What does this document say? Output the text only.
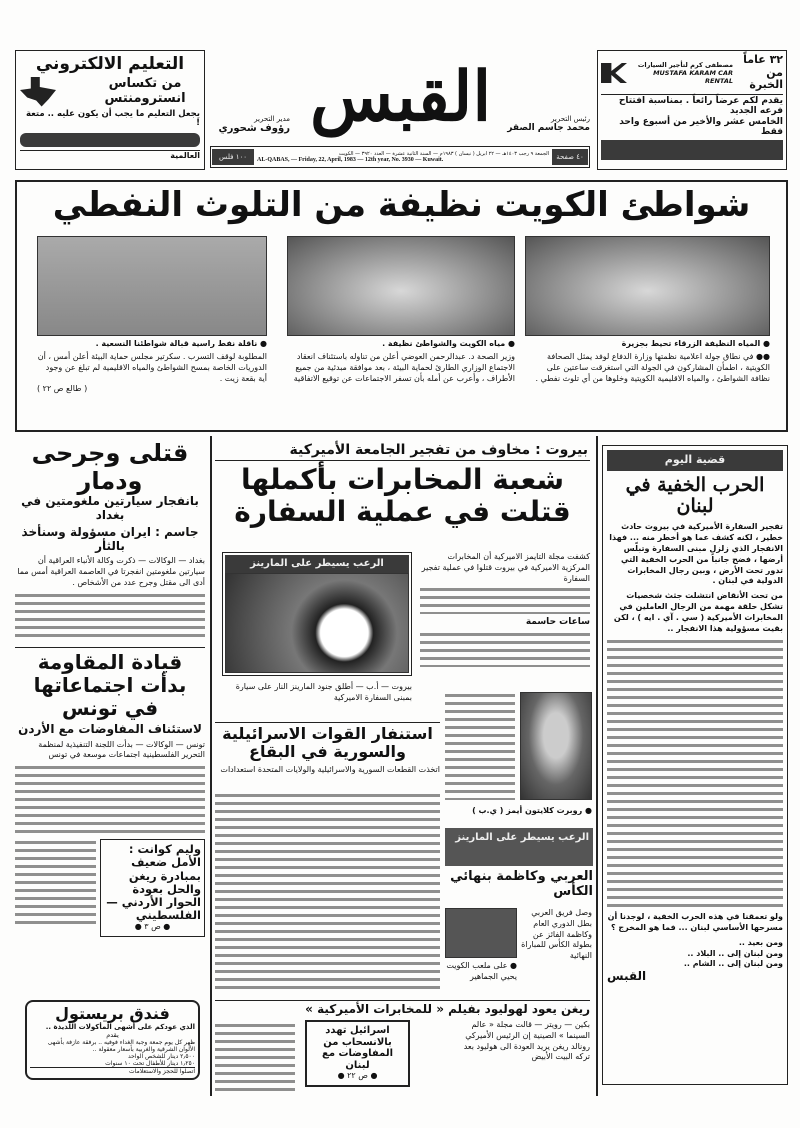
التعليم الالكتروني
من تكساس انسترومنتس
يجعل التعليم ما يجب أن يكون عليه .. متعة !
العالمية
القبس	رئيس التحرير
محمد جاسم الصقر
مدير التحرير
رؤوف شحوري
١٠٠ فلس	الجمعة ٩ رجب ١٤٠٣هـ — ٢٢ أبريل ( نيسان ) ١٩٨٣م — السنة الثانية عشرة — العدد ٣٩٢٠ — الكويت
AL-QABAS, — Friday, 22, April, 1983 — 12th year, No. 3930 — Kuwait.	٤٠ صفحة
٣٢ عاماً من الخبرة
مصطفى كرم لتأجير السيارات
MUSTAFA KARAM CAR RENTAL
يقدم لكم عرضاً رائعاً . بمناسبة افتتاح فرعه الجديد
الخامس عشر والأخير من أسبوع واحد فقط
شواطئ الكويت نظيفة من التلوث النفطي
● المياه النظيفة الزرقاء تحيط بجزيرة
● مياه الكويت والشواطئ نظيفة .
● ناقلة نفط راسية قبالة شواطئنا النسعية .
●● في نطاق جولة اعلامية نظمتها وزارة الدفاع لوفد يمثل الصحافة الكويتية ، اطمأن المشاركون في الجولة التي استغرقت ساعتين على نظافة الشواطئ ، والمياه الاقليمية الكويتية وخلوها من أي تلوث نفطي .
وزير الصحة د. عبدالرحمن العوضي أعلن من تناوله باستئناف انعقاد الاجتماع الوزاري الطارئ لحماية البيئة ، بعد موافقة مبدئية من جميع الأطراف ، وأعرب عن أمله بأن تسفر الاجتماعات عن توقيع الاتفاقية
المطلوبة لوقف التسرب . سكرتير مجلس حماية البيئة أعلن أمس ، أن الدوريات الخاصة بمسح الشواطئ والمياه الاقليمية لم تبلغ عن وجود أية بقعة زيت .
( طالع ص ٢٢ )
قتلى وجرحى ودمار
بانفجار سيارتين ملغومتين في بغداد
جاسم : ايران مسؤولة وسنأخذ بالثأر
بغداد — الوكالات — ذكرت وكالة الأنباء العراقية أن سيارتين ملغومتين انفجرتا في العاصمة العراقية أمس مما أدى الى مقتل وجرح عدد من الأشخاص .
قيادة المقاومة بدأت اجتماعاتها في تونس
لاستئناف المفاوضات مع الأردن
تونس — الوكالات — بدأت اللجنة التنفيذية لمنظمة التحرير الفلسطينية اجتماعات موسعة في تونس
وليم كوانت : الأمل ضعيف بمبادرة ريغن والحل بعودة الحوار الأردني — الفلسطيني
● ص ٣ ●
فندق بريستول
الذي عودكم على أشهى المأكولات اللذيذة ..
يقدم
ظهر كل يوم جمعة وجبة الغداء فوفيه .. برفقة عازفة بأشهى الألوان الشرقية والغربية بأسعار معقولة ..
٢٫٥٠٠ دينار للشخص الواحد
١٫٢٥٠ دينار للأطفال تحت ١٠ سنوات
اتصلوا للحجز والاستعلامات
بيروت : مخاوف من تفجير الجامعة الأميركية
شعبة المخابرات بأكملها قتلت في عملية السفارة
كشفت مجلة التايمز الاميركية أن المخابرات المركزية الاميركية في بيروت قتلوا في عملية تفجير السفارة
ساعات حاسمة
الرعب يسيطر على المارينز
بيروت — أ.ب — أطلق جنود المارينز النار على سيارة بمبنى السفارة الاميركية
استنفار القوات الاسرائيلية والسورية في البقاع
اتخذت القطعات السورية والاسرائيلية والولايات المتحدة استعدادات
● روبرت كلايتون أيمز ( ي.ب )
الرعب يسيطر على المارينز
العربي وكاظمة بنهائي الكأس
وصل فريق العربي بطل الدوري العام وكاظمة الفائز عن بطولة الكأس للمباراة النهائية
● على ملعب الكويت يحيي الجماهير
ريغن يعود لهوليود بفيلم « للمخابرات الأميركية »
بكين — رويتر — قالت مجلة « عالم السينما » الصينية إن الرئيس الأميركي رونالد ريغن يريد العودة الى هوليود بعد تركه البيت الأبيض
اسرائيل تهدد بالانسحاب من المفاوضات مع لبنان
● ص ٢٢ ●
قضية اليوم
الحرب الخفية في لبنان
تفجير السفارة الأميركية في بيروت حادث خطير ، لكنه كشف عما هو أخطر منه ... فهذا الانفجار الذي زلزل مبنى السفارة وتبلّس أرضها ، فضح جانباً من الحرب الخفية التي تدور تحت الأرض ، وبين رجال المخابرات الدولية في لبنان .
من تحت الأنقاض انتشلت جثث شخصيات تشكل حلقة مهمة من الرجال العاملين في المخابرات الأميركية ( سي . آي . ايه ) ، لكن بقيت مسؤولية هذا الانفجار ..
ولو تعمقنا في هذه الحرب الخفية ، لوجدنا أن مسرحها الأساسي لبنان ... فما هو المخرج ؟
ومن بعيد ..
ومن لبنان إلى .. البلاد ..
ومن لبنان إلى .. الشام ..
القبس
